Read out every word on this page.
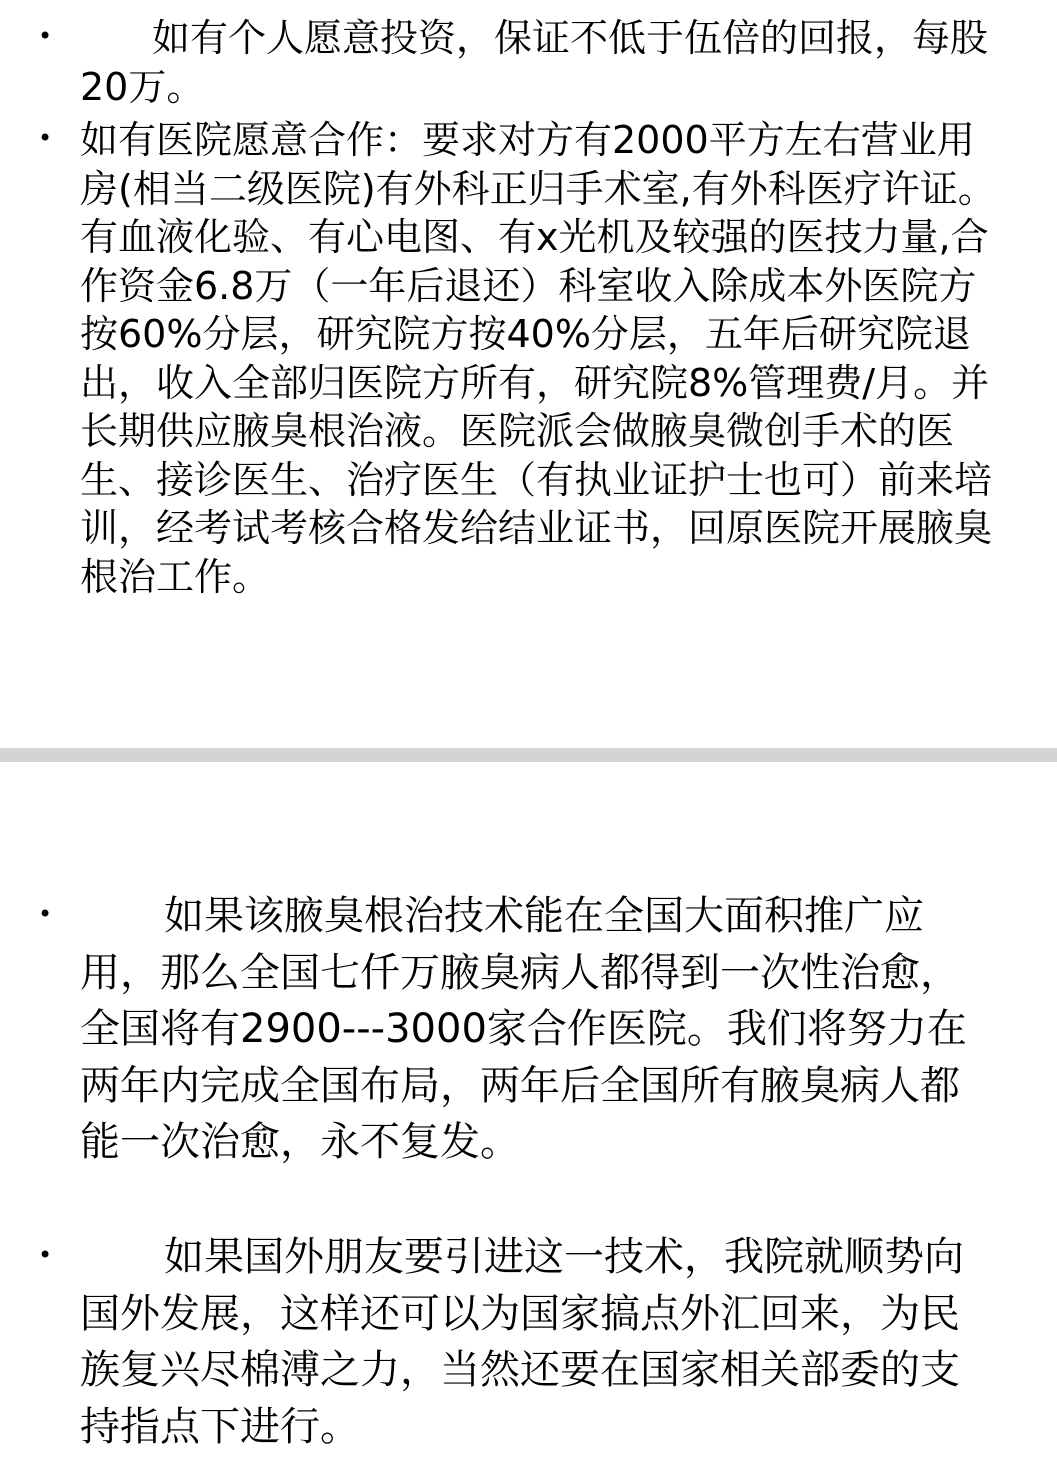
•	如有个人愿意投资，保证不低于伍倍的回报，每股20万。

• 如有医院愿意合作：要求对方有2000平方左右营业用房(相当二级医院)有外科正归手术室,有外科医疗许证。有血液化验、有心电图、有x光机及较强的医技力量,合作资金6.8万（一年后退还）科室收入除成本外医院方按60%分层，研究院方按40%分层，五年后研究院退出，收入全部归医院方所有，研究院8%管理费/月。并长期供应腋臭根治液。医院派会做腋臭微创手术的医生、接诊医生、治疗医生（有执业证护士也可）前来培训，经考试考核合格发给结业证书，回原医院开展腋臭根治工作。

•	如果该腋臭根治技术能在全国大面积推广应用，那么全国七仟万腋臭病人都得到一次性治愈，全国将有2900---3000家合作医院。我们将努力在两年内完成全国布局，两年后全国所有腋臭病人都能一次治愈，永不复发。

•	如果国外朋友要引进这一技术，我院就顺势向国外发展，这样还可以为国家搞点外汇回来，为民族复兴尽棉溥之力，当然还要在国家相关部委的支持指点下进行。
